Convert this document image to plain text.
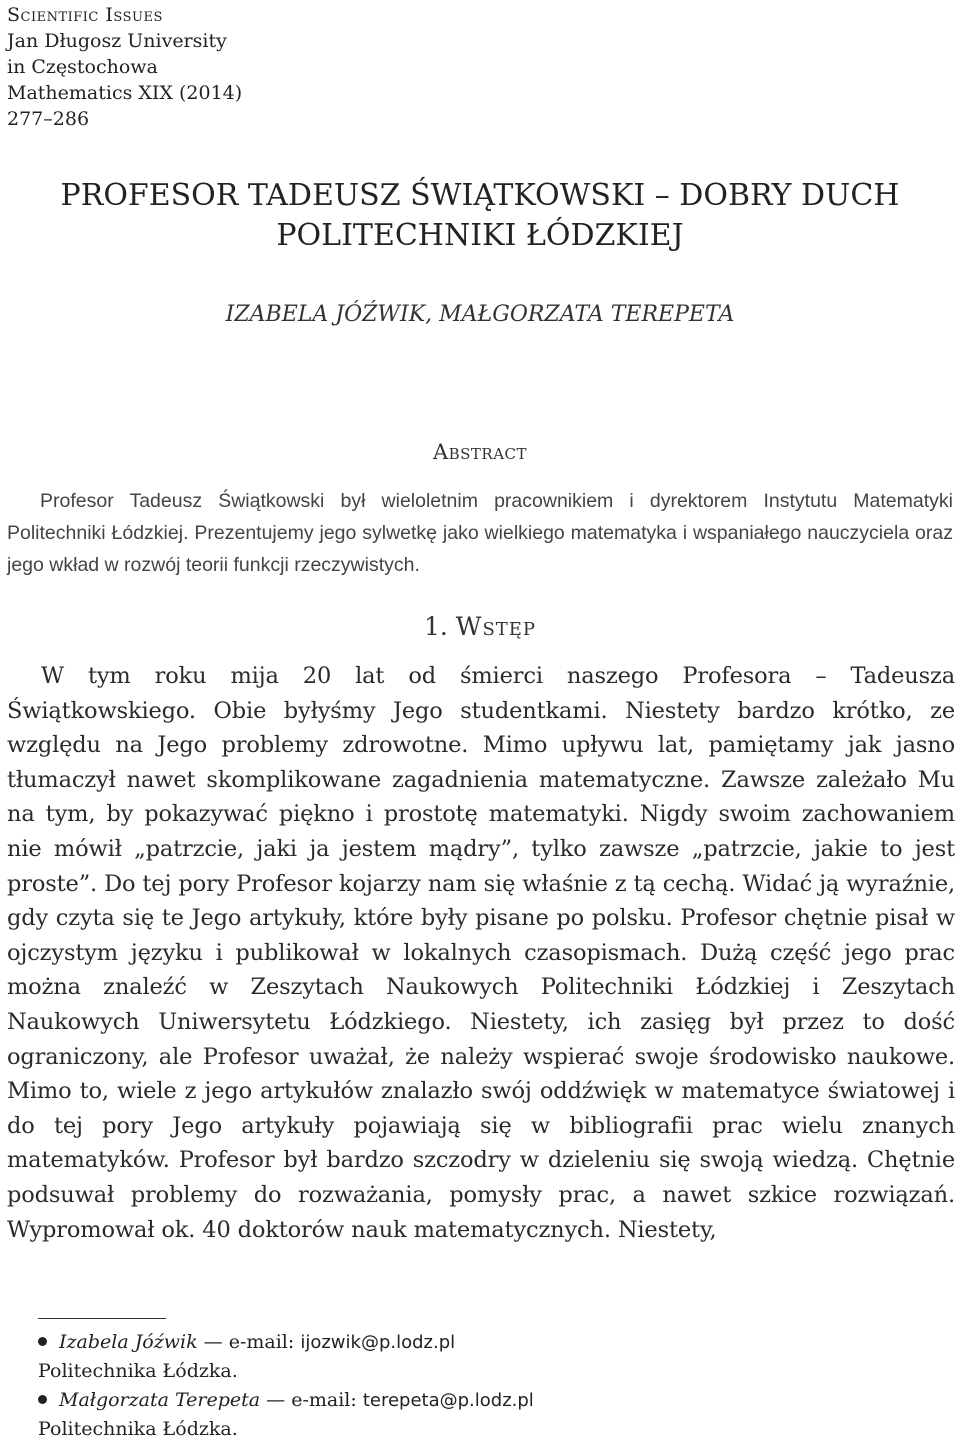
Scientific Issues
Jan Długosz University
in Częstochowa
Mathematics XIX (2014)
277–286
PROFESOR TADEUSZ ŚWIĄTKOWSKI – DOBRY DUCH
POLITECHNIKI ŁÓDZKIEJ
IZABELA JÓŹWIK, MAŁGORZATA TEREPETA
Abstract
Profesor Tadeusz Świątkowski był wieloletnim pracownikiem i dyrektorem Instytutu Matematyki Politechniki Łódzkiej. Prezentujemy jego sylwetkę jako wielkiego matematyka i wspaniałego nauczyciela oraz jego wkład w rozwój teorii funkcji rzeczywistych.
1. Wstęp
W tym roku mija 20 lat od śmierci naszego Profesora – Tadeusza Świątkowskiego. Obie byłyśmy Jego studentkami. Niestety bardzo krótko, ze względu na Jego problemy zdrowotne. Mimo upływu lat, pamiętamy jak jasno tłumaczył nawet skomplikowane zagadnienia matematyczne. Zawsze zależało Mu na tym, by pokazywać piękno i prostotę matematyki. Nigdy swoim zachowaniem nie mówił „patrzcie, jaki ja jestem mądry”, tylko zawsze „patrzcie, jakie to jest proste”. Do tej pory Profesor kojarzy nam się właśnie z tą cechą. Widać ją wyraźnie, gdy czyta się te Jego artykuły, które były pisane po polsku. Profesor chętnie pisał w ojczystym języku i publikował w lokalnych czasopismach. Dużą część jego prac można znaleźć w Zeszytach Naukowych Politechniki Łódzkiej i Zeszytach Naukowych Uniwersytetu Łódzkiego. Niestety, ich zasięg był przez to dość ograniczony, ale Profesor uważał, że należy wspierać swoje środowisko naukowe. Mimo to, wiele z jego artykułów znalazło swój oddźwięk w matematyce światowej i do tej pory Jego artykuły pojawiają się w bibliografii prac wielu znanych matematyków. Profesor był bardzo szczodry w dzieleniu się swoją wiedzą. Chętnie podsuwał problemy do rozważania, pomysły prac, a nawet szkice rozwiązań. Wypromował ok. 40 doktorów nauk matematycznych. Niestety,
Izabela Jóźwik — e-mail: ijozwik@p.lodz.pl
Politechnika Łódzka.
Małgorzata Terepeta — e-mail: terepeta@p.lodz.pl
Politechnika Łódzka.
